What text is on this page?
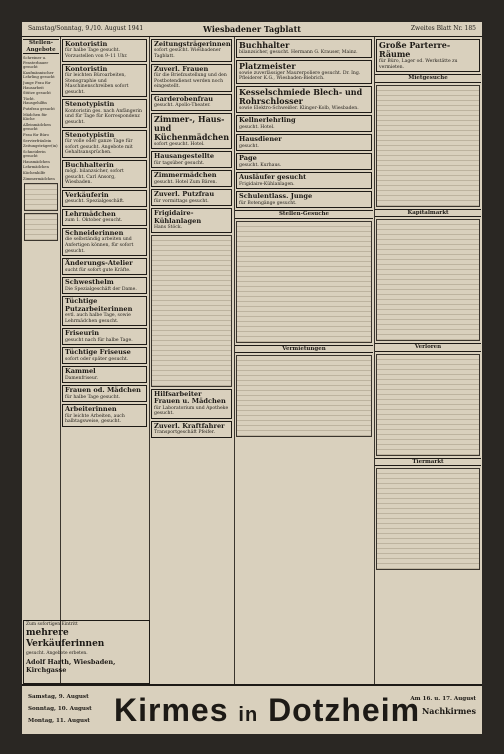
Samstag/Sonntag, 9./10. August 1941	Wiesbadener Tagblatt	Zweites Blatt Nr. 185
Stellen-Angebote

Schreiner u. Fensterbauer gesucht

Kaufmännischer Lehrling gesucht

Junge Frau für Hausarbeit

Stütze gesucht

Tücht. Hausgehilfin

Putzfrau gesucht

Mädchen für Küche

Alleinmädchen gesucht

Frau für Büro

Servierfräulein

Zeitungsträger(in)

Schneiderin gesucht

Hausmädchen

Lehrmädchen

Küchenhilfe

Zimmermädchen

Kontoristin
für halbe Tage gesucht. Vorzustellen von 9–11 Uhr.
Kontoristin
für leichten Büroarbeiten, Stenographie und Maschinenschreiben sofort gesucht.
Stenotypistin
Kontoristin ges. nach Anfängerin und für Tage für Korrespondenz gesucht.
Stenotypistin
für volle oder ganze Tage für sofort gesucht. Angebote mit Gehaltsansprüchen.
Buchhalterin
mögl. bilanzsicher, sofort gesucht. Carl Ansorg, Wiesbaden.
Verkäuferin
gesucht. Spezialgeschäft.
Lehrmädchen
zum 1. Oktober gesucht.
Schneiderinnen
die selbständig arbeiten und Anfertigen können, für sofort gesucht.
Änderungs-Atelier
sucht für sofort gute Kräfte.
Schwesthelm
Die Spezialgeschäft der Dame.
Tüchtige Putzarbeiterinnen
evtl. auch halbe Tage, sowie Lehrmädchen gesucht.
Friseurin
gesucht nach für halbe Tage.
Tüchtige Friseuse
sofort oder später gesucht.
Kammel
Damenfriseur.
Frauen od. Mädchen
für halbe Tage gesucht.
Arbeiterinnen
für leichte Arbeiten, auch halbtagsweise, gesucht.
Zeitungsträgerinnen
sofort gesucht. Wiesbadener Tagblatt.
Zuverl. Frauen
für die Briefzustellung und den Postbotendienst werden noch eingestellt.
Garderobenfrau
gesucht. Apollo-Theater.
Zimmer-, Haus- und Küchenmädchen
sofort gesucht. Hotel.
Hausangestellte
für tagsüber gesucht.
Zimmermädchen
gesucht. Hotel Zum Bären.
Zuverl. Putzfrau
für vormittags gesucht.
Frigidaire-Kühlanlagen
Hans Stöck.
Hilfsarbeiter Frauen u. Mädchen
für Laboratorium und Apotheke gesucht.
Zuverl. Kraftfahrer
Transportgeschäft Pfeifer.
Buchhalter
bilanzsicher, gesucht. Hermann G. Krauser, Mainz.
Platzmeister
sowie zuverlässiger Maurerpoliere gesucht. Dr. Ing. Pfleiderer K.G., Wiesbaden-Biebrich.
Kesselschmiede Blech- und Rohrschlosser
sowie Elektro-Schweißer. Klinger-Kolb, Wiesbaden.
Kellnerlehrling
gesucht. Hotel.
Hausdiener
gesucht.
Page
gesucht. Kurhaus.
Ausläufer gesucht
Frigidaire-Kühlanlagen.
Schulentlass. Junge
für Botengänge gesucht.
Stellen-Gesuche
Vermietungen
Große Parterre-Räume
für Büro, Lager od. Werkstätte zu vermieten.
Mietgesuche
Kapitalmarkt
Verloren
Tiermarkt
Zum sofortigen Eintritt
mehrere Verkäuferinnen
gesucht. Angebote erbeten.
Adolf Harth, Wiesbaden, Kirchgasse
Samstag, 9. August
Sonntag, 10. August
Montag, 11. August Kirmes in Dotzheim
Am 16. u. 17. August
Nachkirmes
